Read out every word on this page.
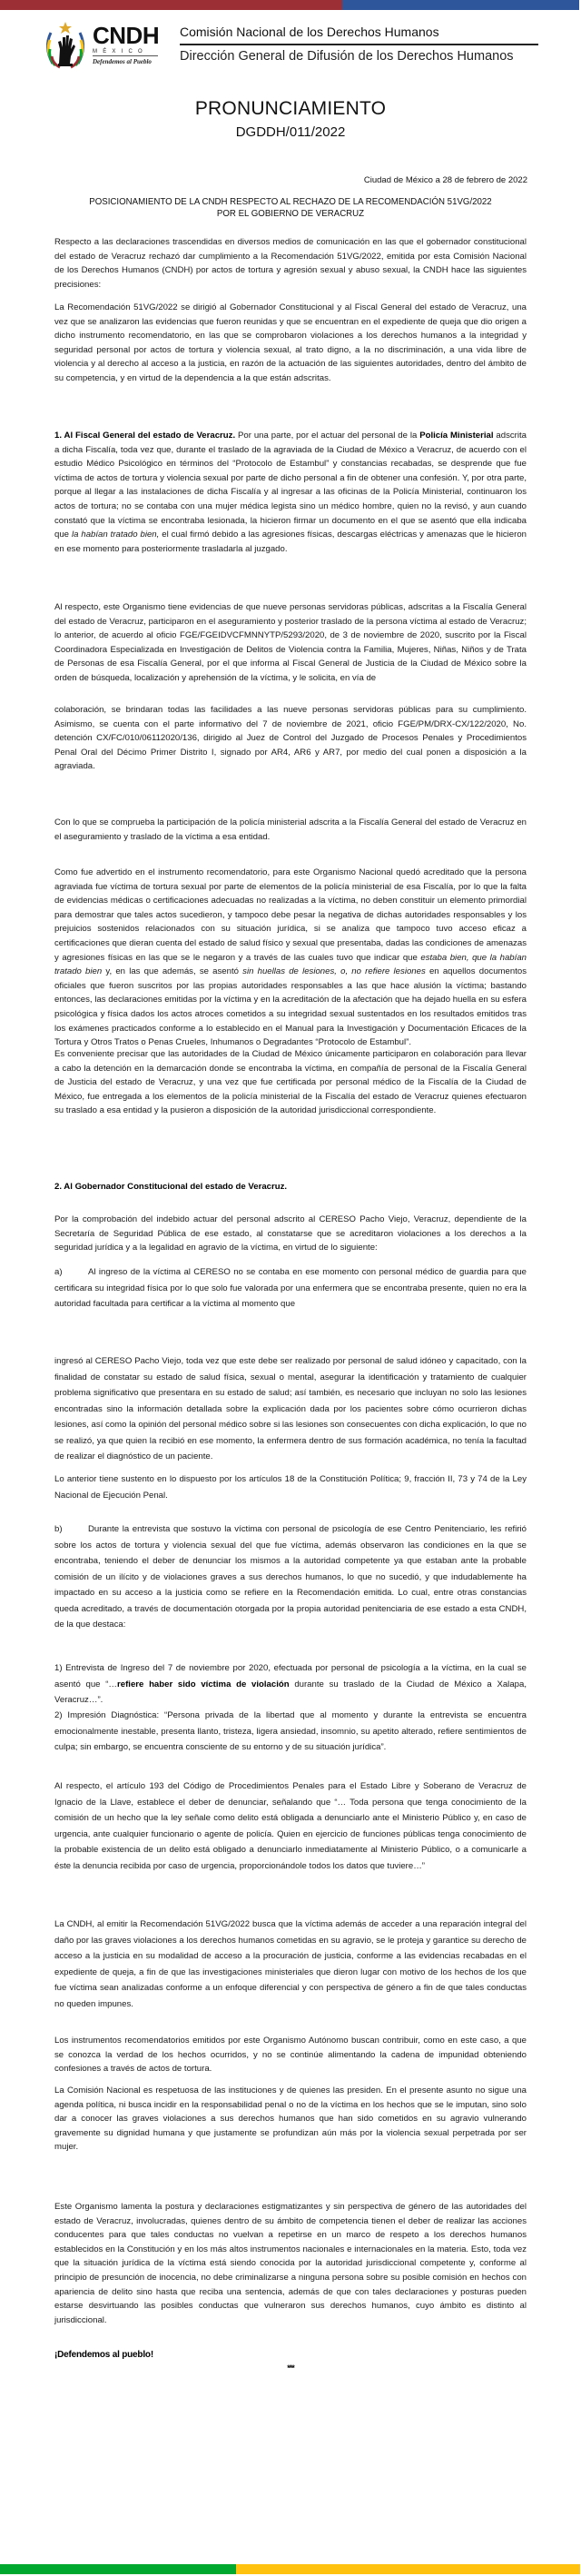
CNDH
MÉXICO
Defendemos al Pueblo
Comisión Nacional de los Derechos Humanos
Dirección General de Difusión de los Derechos Humanos
PRONUNCIAMIENTO
DGDDH/011/2022
Ciudad de México a 28 de febrero de 2022
POSICIONAMIENTO DE LA CNDH RESPECTO AL RECHAZO DE LA RECOMENDACIÓN 51VG/2022
POR EL GOBIERNO DE VERACRUZ

Respecto a las declaraciones trascendidas en diversos medios de comunicación en las que el gobernador constitucional del estado de Veracruz rechazó dar cumplimiento a la Recomendación 51VG/2022, emitida por esta Comisión Nacional de los Derechos Humanos (CNDH) por actos de tortura y agresión sexual y abuso sexual, la CNDH hace las siguientes precisiones:

La Recomendación 51VG/2022 se dirigió al Gobernador Constitucional y al Fiscal General del estado de Veracruz, una vez que se analizaron las evidencias que fueron reunidas y que se encuentran en el expediente de queja que dio origen a dicho instrumento recomendatorio, en las que se comprobaron violaciones a los derechos humanos a la integridad y seguridad personal por actos de tortura y violencia sexual, al trato digno, a la no discriminación, a una vida libre de violencia y al derecho al acceso a la justicia, en razón de la actuación de las siguientes autoridades, dentro del ámbito de su competencia, y en virtud de la dependencia a la que están adscritas.

1. Al Fiscal General del estado de Veracruz. Por una parte, por el actuar del personal de la Policía Ministerial adscrita a dicha Fiscalía, toda vez que, durante el traslado de la agraviada de la Ciudad de México a Veracruz, de acuerdo con el estudio Médico Psicológico en términos del “Protocolo de Estambul” y constancias recabadas, se desprende que fue víctima de actos de tortura y violencia sexual por parte de dicho personal a fin de obtener una confesión. Y, por otra parte, porque al llegar a las instalaciones de dicha Fiscalía y al ingresar a las oficinas de la Policía Ministerial, continuaron los actos de tortura; no se contaba con una mujer médica legista sino un médico hombre, quien no la revisó, y aun cuando constató que la víctima se encontraba lesionada, la hicieron firmar un documento en el que se asentó que ella indicaba que la habían tratado bien, el cual firmó debido a las agresiones físicas, descargas eléctricas y amenazas que le hicieron en ese momento para posteriormente trasladarla al juzgado.

Al respecto, este Organismo tiene evidencias de que nueve personas servidoras públicas, adscritas a la Fiscalía General del estado de Veracruz, participaron en el aseguramiento y posterior traslado de la persona víctima al estado de Veracruz; lo anterior, de acuerdo al oficio FGE/FGEIDVCFMNNYTP/5293/2020, de 3 de noviembre de 2020, suscrito por la Fiscal Coordinadora Especializada en Investigación de Delitos de Violencia contra la Familia, Mujeres, Niñas, Niños y de Trata de Personas de esa Fiscalía General, por el que informa al Fiscal General de Justicia de la Ciudad de México sobre la orden de búsqueda, localización y aprehensión de la víctima, y le solicita, en vía de

colaboración, se brindaran todas las facilidades a las nueve personas servidoras públicas para su cumplimiento. Asimismo, se cuenta con el parte informativo del 7 de noviembre de 2021, oficio FGE/PM/DRX-CX/122/2020, No. detención CX/FC/010/06112020/136, dirigido al Juez de Control del Juzgado de Procesos Penales y Procedimientos Penal Oral del Décimo Primer Distrito I, signado por AR4, AR6 y AR7, por medio del cual ponen a disposición a la agraviada.

Con lo que se comprueba la participación de la policía ministerial adscrita a la Fiscalía General del estado de Veracruz en el aseguramiento y traslado de la víctima a esa entidad.

Como fue advertido en el instrumento recomendatorio, para este Organismo Nacional quedó acreditado que la persona agraviada fue víctima de tortura sexual por parte de elementos de la policía ministerial de esa Fiscalía, por lo que la falta de evidencias médicas o certificaciones adecuadas no realizadas a la víctima, no deben constituir un elemento primordial para demostrar que tales actos sucedieron, y tampoco debe pesar la negativa de dichas autoridades responsables y los prejuicios sostenidos relacionados con su situación jurídica, si se analiza que tampoco tuvo acceso eficaz a certificaciones que dieran cuenta del estado de salud físico y sexual que presentaba, dadas las condiciones de amenazas y agresiones físicas en las que se le negaron y a través de las cuales tuvo que indicar que estaba bien, que la habían tratado bien y, en las que además, se asentó sin huellas de lesiones, o, no refiere lesiones en aquellos documentos oficiales que fueron suscritos por las propias autoridades responsables a las que hace alusión la víctima; bastando entonces, las declaraciones emitidas por la víctima y en la acreditación de la afectación que ha dejado huella en su esfera psicológica y física dados los actos atroces cometidos a su integridad sexual sustentados en los resultados emitidos tras los exámenes practicados conforme a lo establecido en el Manual para la Investigación y Documentación Eficaces de la Tortura y Otros Tratos o Penas Crueles, Inhumanos o Degradantes “Protocolo de Estambul”.

Es conveniente precisar que las autoridades de la Ciudad de México únicamente participaron en colaboración para llevar a cabo la detención en la demarcación donde se encontraba la víctima, en compañía de personal de la Fiscalía General de Justicia del estado de Veracruz, y una vez que fue certificada por personal médico de la Fiscalía de la Ciudad de México, fue entregada a los elementos de la policía ministerial de la Fiscalía del estado de Veracruz quienes efectuaron su traslado a esa entidad y la pusieron a disposición de la autoridad jurisdiccional correspondiente.

2. Al Gobernador Constitucional del estado de Veracruz.

Por la comprobación del indebido actuar del personal adscrito al CERESO Pacho Viejo, Veracruz, dependiente de la Secretaría de Seguridad Pública de ese estado, al constatarse que se acreditaron violaciones a los derechos a la seguridad jurídica y a la legalidad en agravio de la víctima, en virtud de lo siguiente:

a)	Al ingreso de la víctima al CERESO no se contaba en ese momento con personal médico de guardia para que certificara su integridad física por lo que solo fue valorada por una enfermera que se encontraba presente, quien no era la autoridad facultada para certificar a la víctima al momento que

ingresó al CERESO Pacho Viejo, toda vez que este debe ser realizado por personal de salud idóneo y capacitado, con la finalidad de constatar su estado de salud física, sexual o mental, asegurar la identificación y tratamiento de cualquier problema significativo que presentara en su estado de salud; así también, es necesario que incluyan no solo las lesiones encontradas sino la información detallada sobre la explicación dada por los pacientes sobre cómo ocurrieron dichas lesiones, así como la opinión del personal médico sobre si las lesiones son consecuentes con dicha explicación, lo que no se realizó, ya que quien la recibió en ese momento, la enfermera dentro de sus formación académica, no tenía la facultad de realizar el diagnóstico de un paciente.

Lo anterior tiene sustento en lo dispuesto por los artículos 18 de la Constitución Política; 9, fracción II, 73 y 74 de la Ley Nacional de Ejecución Penal.

b)	Durante la entrevista que sostuvo la víctima con personal de psicología de ese Centro Penitenciario, les refirió sobre los actos de tortura y violencia sexual del que fue víctima, además observaron las condiciones en la que se encontraba, teniendo el deber de denunciar los mismos a la autoridad competente ya que estaban ante la probable comisión de un ilícito y de violaciones graves a sus derechos humanos, lo que no sucedió, y que indudablemente ha impactado en su acceso a la justicia como se refiere en la Recomendación emitida. Lo cual, entre otras constancias queda acreditado, a través de documentación otorgada por la propia autoridad penitenciaria de ese estado a esta CNDH, de la que destaca:

1) Entrevista de Ingreso del 7 de noviembre por 2020, efectuada por personal de psicología a la víctima, en la cual se asentó que “…refiere haber sido víctima de violación durante su traslado de la Ciudad de México a Xalapa, Veracruz…”.

2) Impresión Diagnóstica: “Persona privada de la libertad que al momento y durante la entrevista se encuentra emocionalmente inestable, presenta llanto, tristeza, ligera ansiedad, insomnio, su apetito alterado, refiere sentimientos de culpa; sin embargo, se encuentra consciente de su entorno y de su situación jurídica”.

Al respecto, el artículo 193 del Código de Procedimientos Penales para el Estado Libre y Soberano de Veracruz de Ignacio de la Llave, establece el deber de denunciar, señalando que “… Toda persona que tenga conocimiento de la comisión de un hecho que la ley señale como delito está obligada a denunciarlo ante el Ministerio Público y, en caso de urgencia, ante cualquier funcionario o agente de policía. Quien en ejercicio de funciones públicas tenga conocimiento de la probable existencia de un delito está obligado a denunciarlo inmediatamente al Ministerio Público, o a comunicarle a éste la denuncia recibida por caso de urgencia, proporcionándole todos los datos que tuviere…”

La CNDH, al emitir la Recomendación 51VG/2022 busca que la víctima además de acceder a una reparación integral del daño por las graves violaciones a los derechos humanos cometidas en su agravio, se le proteja y garantice su derecho de acceso a la justicia en su modalidad de acceso a la procuración de justicia, conforme a las evidencias recabadas en el expediente de queja, a fin de que las investigaciones ministeriales que dieron lugar con motivo de los hechos de los que fue víctima sean analizadas conforme a un enfoque diferencial y con perspectiva de género a fin de que tales conductas no queden impunes.

Los instrumentos recomendatorios emitidos por este Organismo Autónomo buscan contribuir, como en este caso, a que se conozca la verdad de los hechos ocurridos, y no se continúe alimentando la cadena de impunidad obteniendo confesiones a través de actos de tortura.

La Comisión Nacional es respetuosa de las instituciones y de quienes las presiden. En el presente asunto no sigue una agenda política, ni busca incidir en la responsabilidad penal o no de la víctima en los hechos que se le imputan, sino solo dar a conocer las graves violaciones a sus derechos humanos que han sido cometidos en su agravio vulnerando gravemente su dignidad humana y que justamente se profundizan aún más por la violencia sexual perpetrada por ser mujer.

Este Organismo lamenta la postura y declaraciones estigmatizantes y sin perspectiva de género de las autoridades del estado de Veracruz, involucradas, quienes dentro de su ámbito de competencia tienen el deber de realizar las acciones conducentes para que tales conductas no vuelvan a repetirse en un marco de respeto a los derechos humanos establecidos en la Constitución y en los más altos instrumentos nacionales e internacionales en la materia. Esto, toda vez que la situación jurídica de la víctima está siendo conocida por la autoridad jurisdiccional competente y, conforme al principio de presunción de inocencia, no debe criminalizarse a ninguna persona sobre su posible comisión en hechos con apariencia de delito sino hasta que reciba una sentencia, además de que con tales declaraciones y posturas pueden estarse desvirtuando las posibles conductas que vulneraron sus derechos humanos, cuyo ámbito es distinto al jurisdiccional.

¡Defendemos al pueblo!
***
